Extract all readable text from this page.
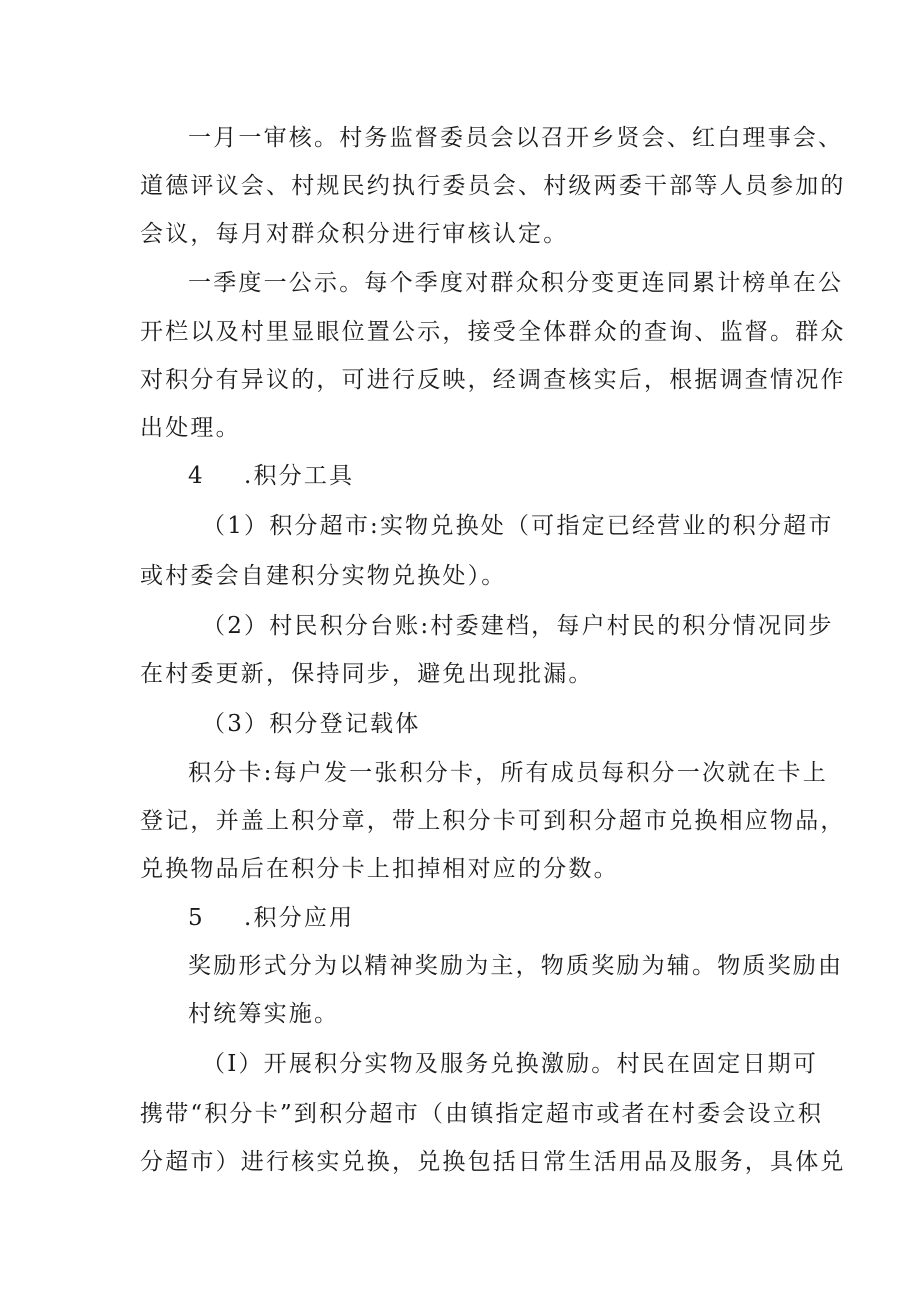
一月一审核。村务监督委员会以召开乡贤会、红白理事会、
道德评议会、村规民约执行委员会、村级两委干部等人员参加的
会议，每月对群众积分进行审核认定。
一季度一公示。每个季度对群众积分变更连同累计榜单在公
开栏以及村里显眼位置公示，接受全体群众的查询、监督。群众
对积分有异议的，可进行反映，经调查核实后，根据调查情况作
出处理。
4 .积分工具
（1）积分超市:实物兑换处（可指定已经营业的积分超市
或村委会自建积分实物兑换处）。
（2）村民积分台账:村委建档，每户村民的积分情况同步
在村委更新，保持同步，避免出现批漏。
（3）积分登记载体
积分卡:每户发一张积分卡，所有成员每积分一次就在卡上
登记，并盖上积分章，带上积分卡可到积分超市兑换相应物品，
兑换物品后在积分卡上扣掉相对应的分数。
5 .积分应用
奖励形式分为以精神奖励为主，物质奖励为辅。物质奖励由
村统筹实施。
（I）开展积分实物及服务兑换激励。村民在固定日期可
携带“积分卡”到积分超市（由镇指定超市或者在村委会设立积
分超市）进行核实兑换，兑换包括日常生活用品及服务，具体兑
